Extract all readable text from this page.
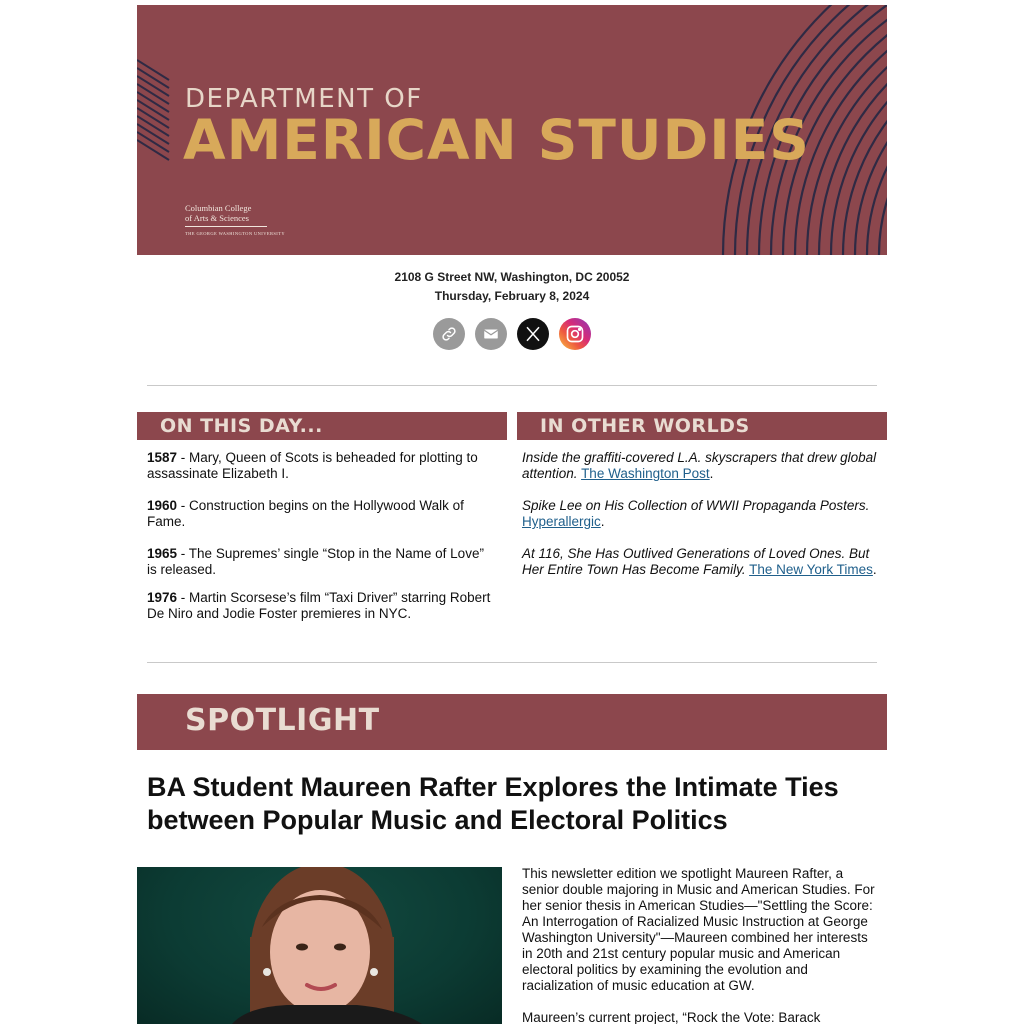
DEPARTMENT OF
AMERICAN STUDIES
Columbian College
of Arts & Sciences
THE GEORGE WASHINGTON UNIVERSITY
2108 G Street NW, Washington, DC 20052
Thursday, February 8, 2024
ON THIS DAY...	IN OTHER WORLDS
1587 - Mary, Queen of Scots is beheaded for plotting to assassinate Elizabeth I.
1960 - Construction begins on the Hollywood Walk of Fame.
1965 - The Supremes’ single “Stop in the Name of Love” is released.
1976 - Martin Scorsese’s film “Taxi Driver” starring Robert De Niro and Jodie Foster premieres in NYC.
Inside the graffiti-covered L.A. skyscrapers that drew global attention. The Washington Post.
Spike Lee on His Collection of WWII Propaganda Posters. Hyperallergic.
At 116, She Has Outlived Generations of Loved Ones. But Her Entire Town Has Become Family. The New York Times.
SPOTLIGHT
BA Student Maureen Rafter Explores the Intimate Ties between Popular Music and Electoral Politics

This newsletter edition we spotlight Maureen Rafter, a senior double majoring in Music and American Studies. For her senior thesis in American Studies—"Settling the Score: An Interrogation of Racialized Music Instruction at George Washington University"—Maureen combined her interests in 20th and 21st century popular music and American electoral politics by examining the evolution and racialization of music education at GW.

Maureen’s current project, “Rock the Vote: Barack
